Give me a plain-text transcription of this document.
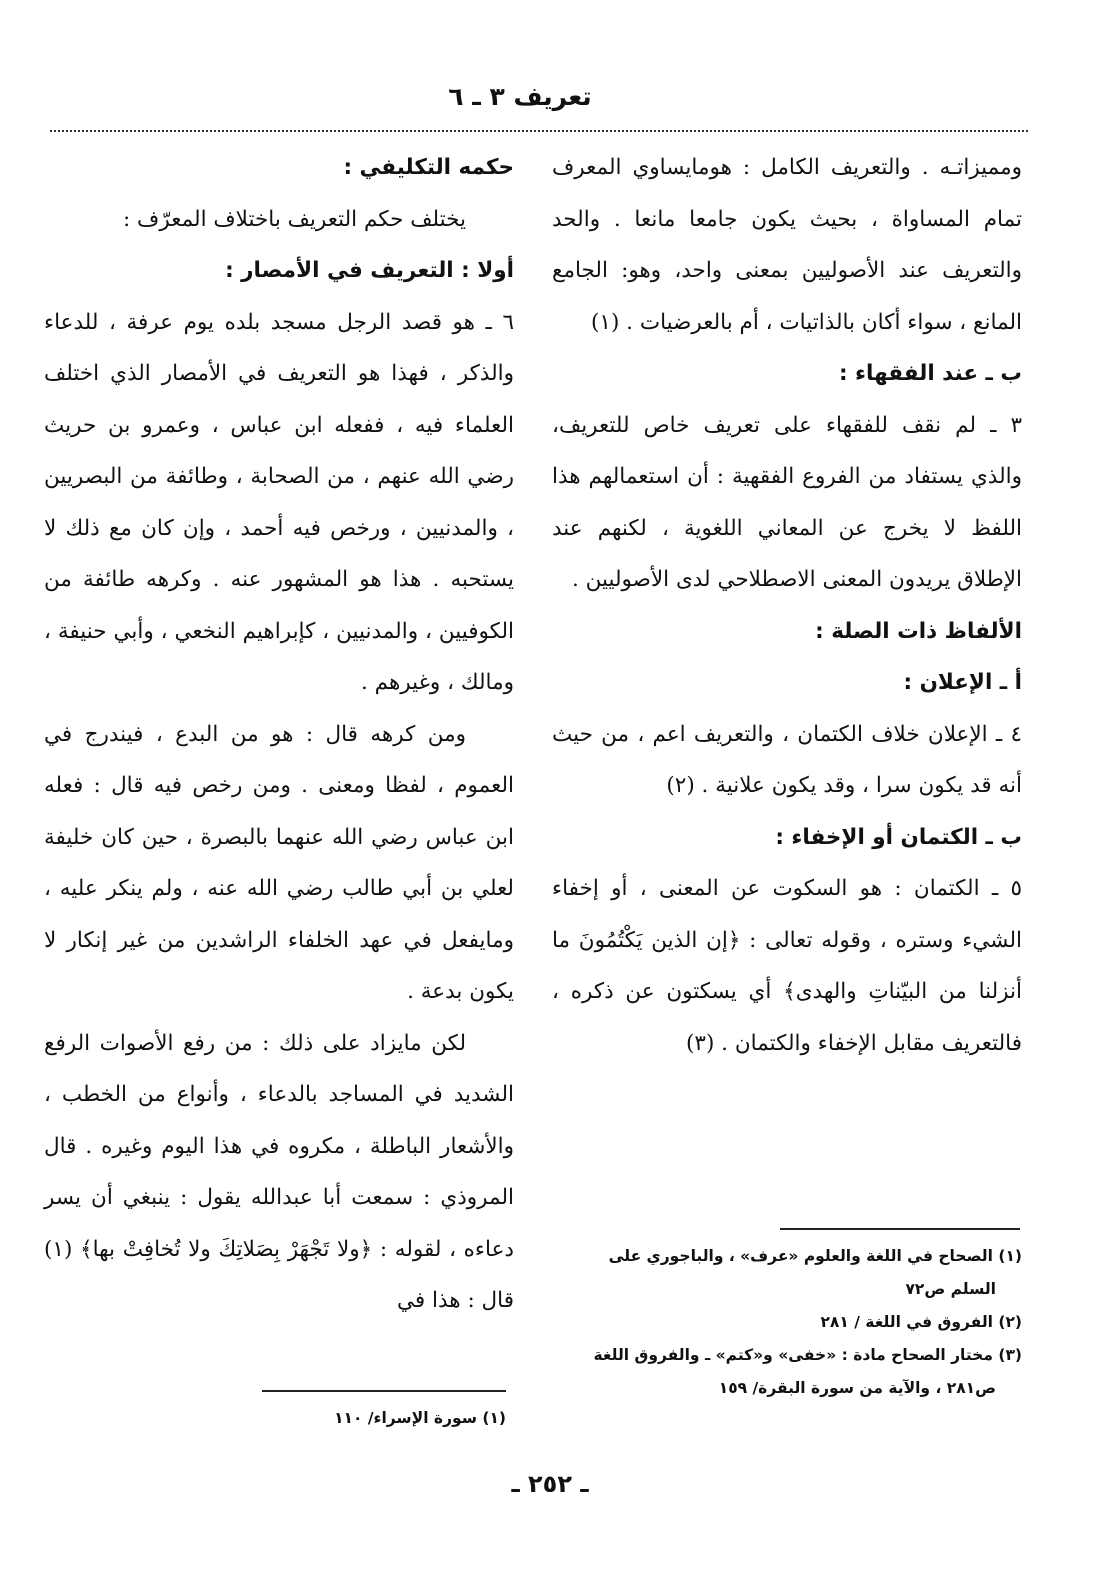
تعريف ٣ ـ ٦

ومميزاتـه . والتعريف الكامل : هومايساوي المعرف تمام المساواة ، بحيث يكون جامعا مانعا . والحد والتعريف عند الأصوليين بمعنى واحد، وهو: الجامع المانع ، سواء أكان بالذاتيات ، أم بالعرضيات . (١)

ب ـ عند الفقهاء :

٣ ـ لم نقف للفقهاء على تعريف خاص للتعريف، والذي يستفاد من الفروع الفقهية : أن استعمالهم هذا اللفظ لا يخرج عن المعاني اللغوية ، لكنهم عند الإطلاق يريدون المعنى الاصطلاحي لدى الأصوليين .

الألفاظ ذات الصلة :
أ ـ الإعلان :

٤ ـ الإعلان خلاف الكتمان ، والتعريف اعم ، من حيث أنه قد يكون سرا ، وقد يكون علانية . (٢)

ب ـ الكتمان أو الإخفاء :

٥ ـ الكتمان : هو السكوت عن المعنى ، أو إخفاء الشيء وستره ، وقوله تعالى : ﴿إن الذين يَكْتُمُونَ ما أنزلنا من البيّناتِ والهدى﴾ أي يسكتون عن ذكره ، فالتعريف مقابل الإخفاء والكتمان . (٣)

حكمه التكليفي :

يختلف حكم التعريف باختلاف المعرّف :

أولا : التعريف في الأمصار :

٦ ـ هو قصد الرجل مسجد بلده يوم عرفة ، للدعاء والذكر ، فهذا هو التعريف في الأمصار الذي اختلف العلماء فيه ، ففعله ابن عباس ، وعمرو بن حريث رضي الله عنهم ، من الصحابة ، وطائفة من البصريين ، والمدنيين ، ورخص فيه أحمد ، وإن كان مع ذلك لا يستحبه . هذا هو المشهور عنه . وكرهه طائفة من الكوفيين ، والمدنيين ، كإبراهيم النخعي ، وأبي حنيفة ، ومالك ، وغيرهم .

ومن كرهه قال : هو من البدع ، فيندرج في العموم ، لفظا ومعنى . ومن رخص فيه قال : فعله ابن عباس رضي الله عنهما بالبصرة ، حين كان خليفة لعلي بن أبي طالب رضي الله عنه ، ولم ينكر عليه ، ومايفعل في عهد الخلفاء الراشدين من غير إنكار لا يكون بدعة .

لكن مايزاد على ذلك : من رفع الأصوات الرفع الشديد في المساجد بالدعاء ، وأنواع من الخطب ، والأشعار الباطلة ، مكروه في هذا اليوم وغيره . قال المروذي : سمعت أبا عبدالله يقول : ينبغي أن يسر دعاءه ، لقوله : ﴿ولا تَجْهَرْ بِصَلاتِكَ ولا تُخافِتْ بها﴾ (١) قال : هذا في

(١) الصحاح في اللغة والعلوم «عرف» ، والباجوري على
السلم ص٧٢

(٢) الفروق في اللغة / ٢٨١

(٣) مختار الصحاح مادة : «خفى» و«كتم» ـ والفروق اللغة
ص٢٨١ ، والآية من سورة البقرة/ ١٥٩

(١) سورة الإسراء/ ١١٠

ـ ٢٥٢ ـ
